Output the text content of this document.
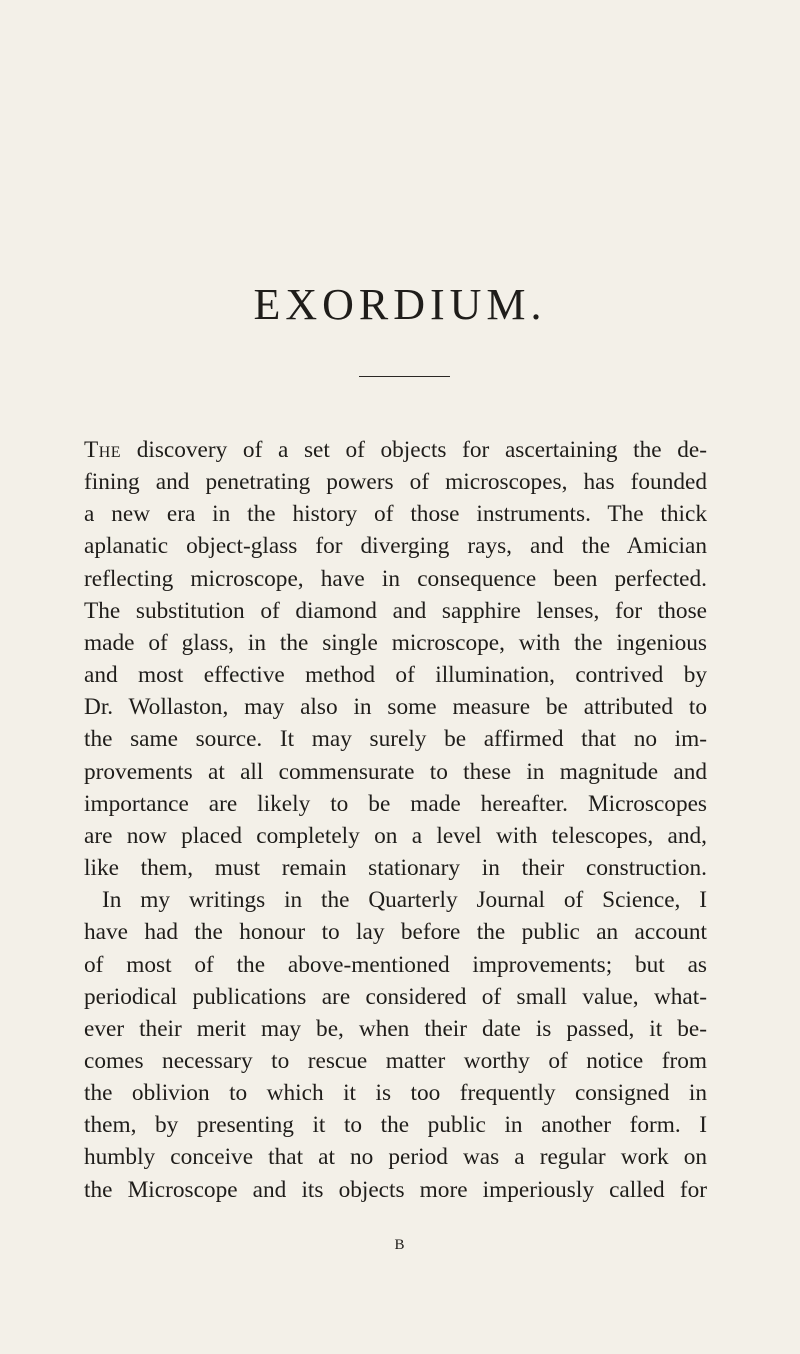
EXORDIUM.
The discovery of a set of objects for ascertaining the de-
fining and penetrating powers of microscopes, has founded
a new era in the history of those instruments. The thick
aplanatic object-glass for diverging rays, and the Amician
reflecting microscope, have in consequence been perfected.
The substitution of diamond and sapphire lenses, for those
made of glass, in the single microscope, with the ingenious
and most effective method of illumination, contrived by
Dr. Wollaston, may also in some measure be attributed to
the same source. It may surely be affirmed that no im-
provements at all commensurate to these in magnitude and
importance are likely to be made hereafter. Microscopes
are now placed completely on a level with telescopes, and,
like them, must remain stationary in their construction.
In my writings in the Quarterly Journal of Science, I
have had the honour to lay before the public an account
of most of the above-mentioned improvements; but as
periodical publications are considered of small value, what-
ever their merit may be, when their date is passed, it be-
comes necessary to rescue matter worthy of notice from
the oblivion to which it is too frequently consigned in
them, by presenting it to the public in another form. I
humbly conceive that at no period was a regular work on
the Microscope and its objects more imperiously called for
B
